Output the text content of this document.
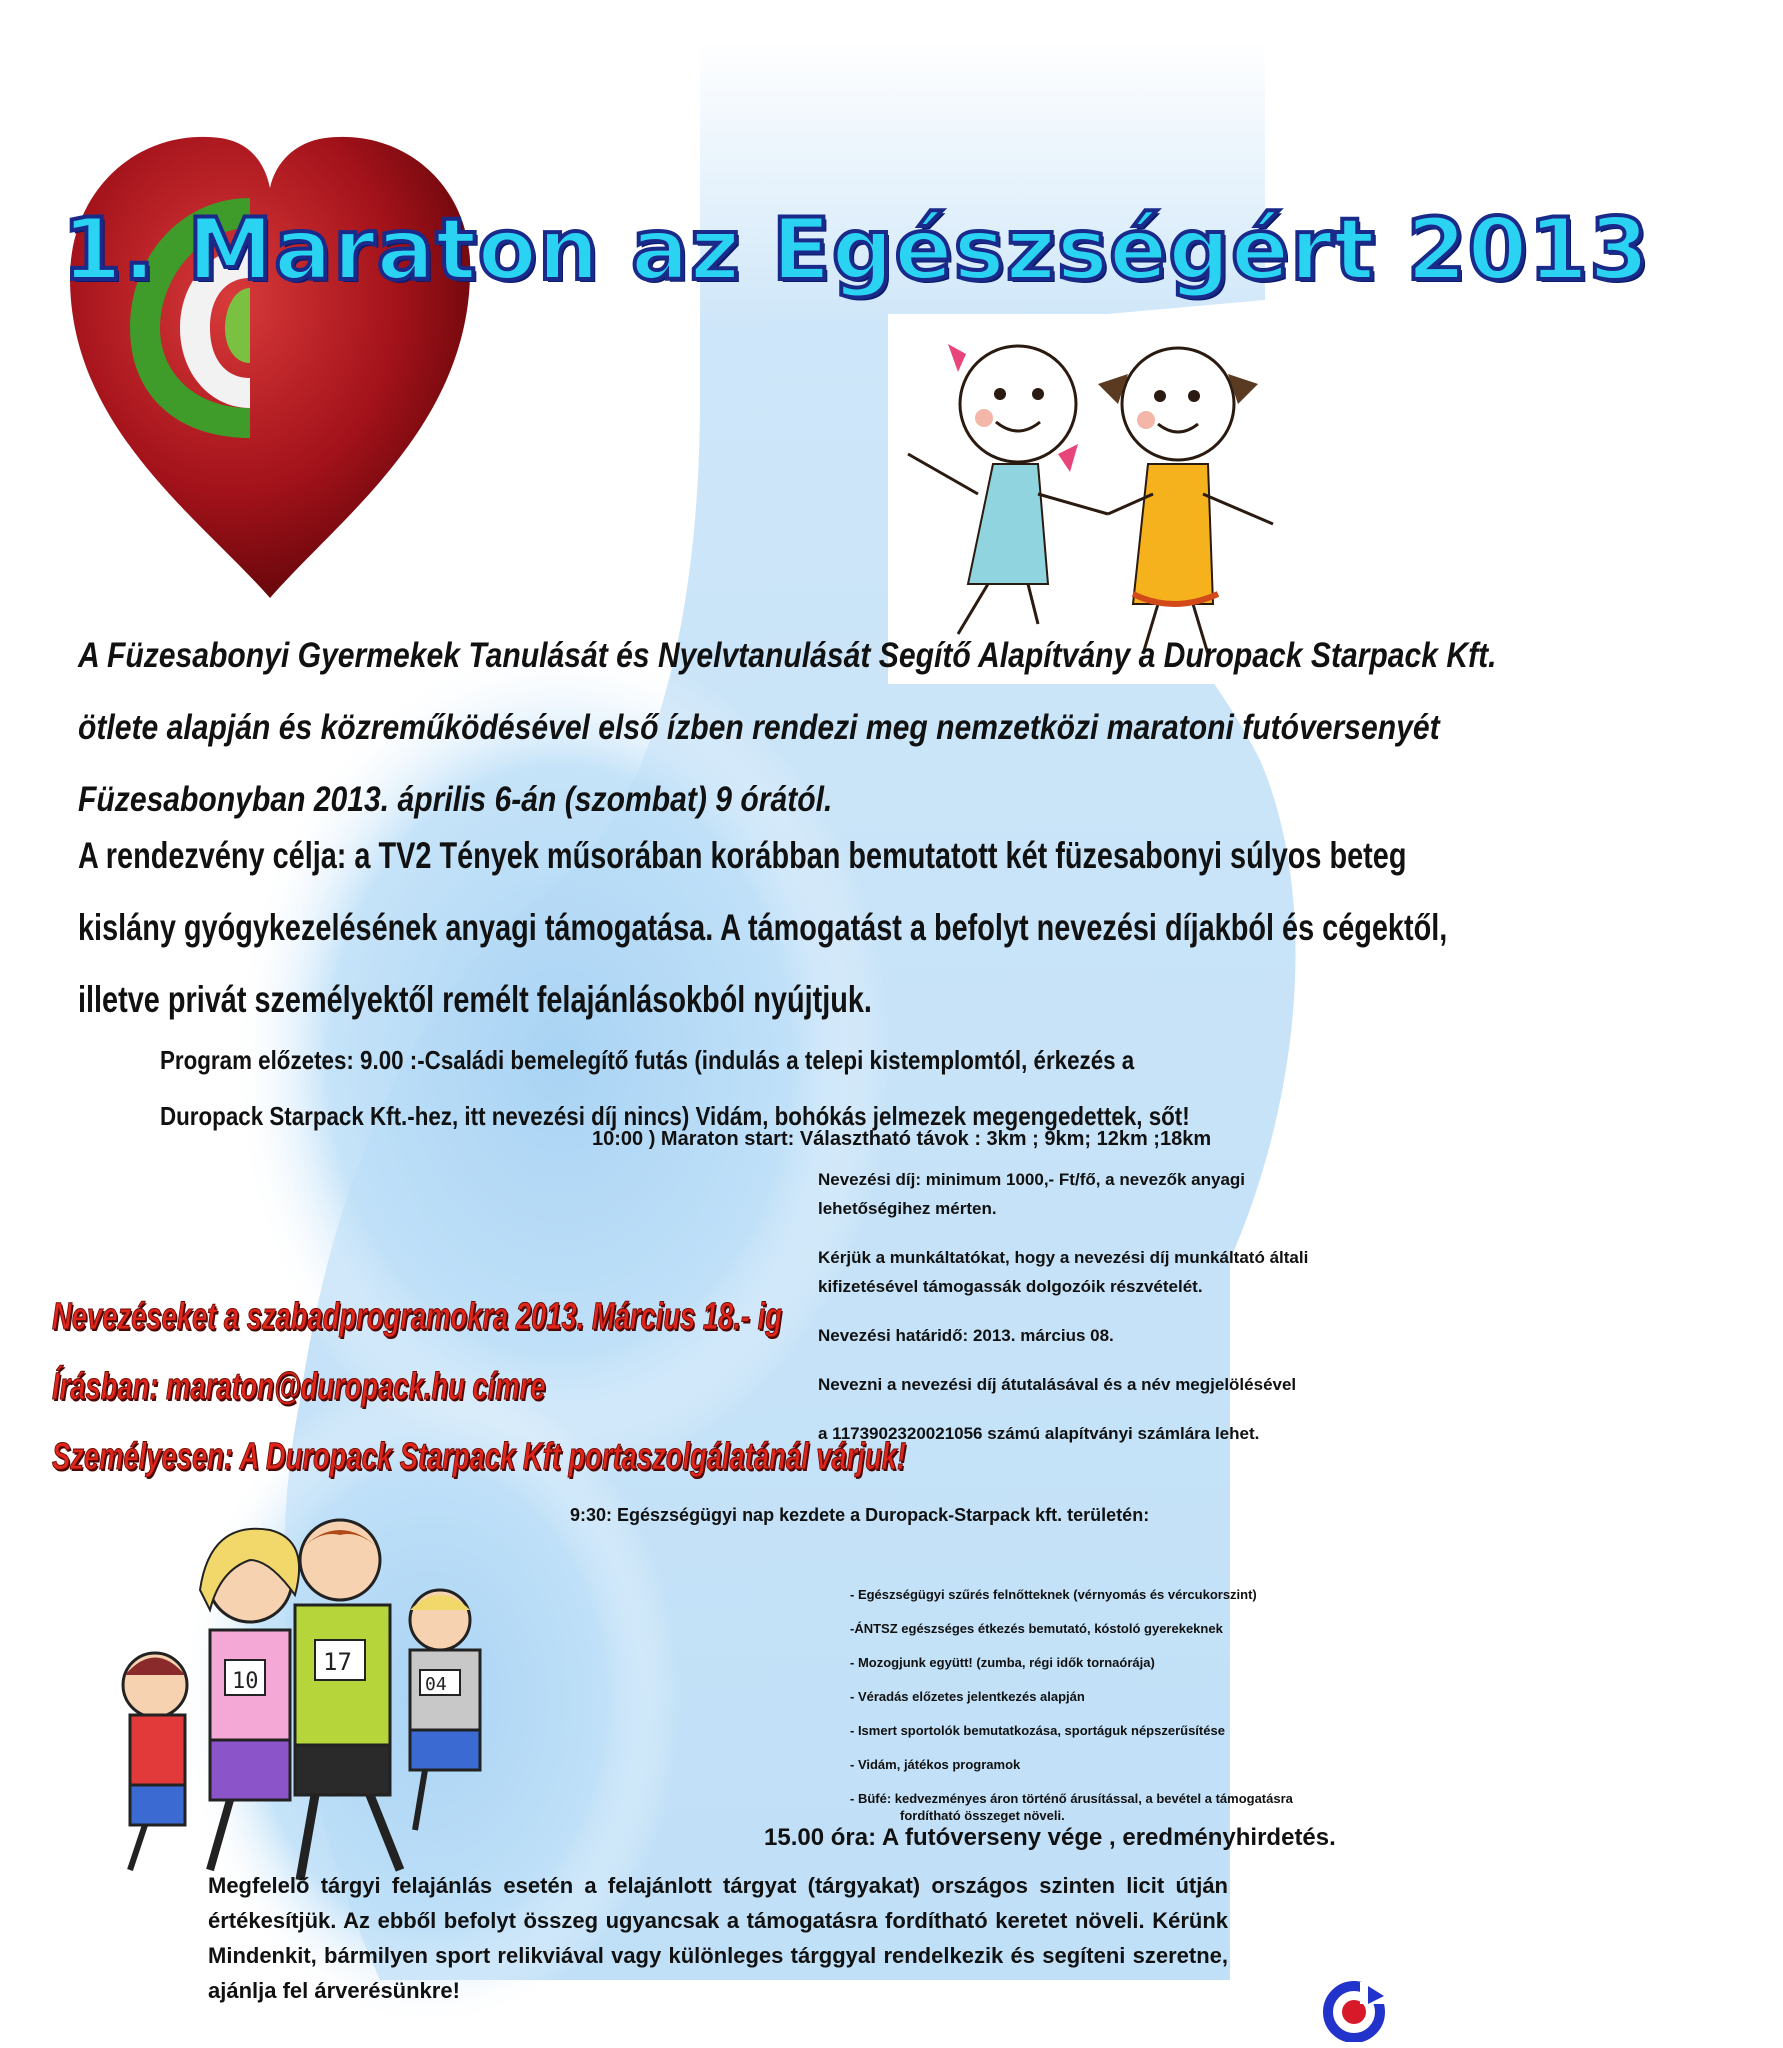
1. Maraton az Egészségért 2013
A Füzesabonyi Gyermekek Tanulását és Nyelvtanulását Segítő Alapítvány a Duropack Starpack Kft.
ötlete alapján és közreműködésével első ízben rendezi meg nemzetközi maratoni futóversenyét
Füzesabonyban 2013. április 6-án (szombat) 9 órától.
A rendezvény célja: a TV2 Tények műsorában korábban bemutatott két füzesabonyi súlyos beteg
kislány gyógykezelésének anyagi támogatása. A támogatást a befolyt nevezési díjakból és cégektől,
illetve privát személyektől remélt felajánlásokból nyújtjuk.
Program előzetes: 9.00 :-Családi bemelegítő futás (indulás a telepi kistemplomtól, érkezés a
Duropack Starpack Kft.-hez, itt nevezési díj nincs) Vidám, bohókás jelmezek megengedettek, sőt!
10:00 ) Maraton start: Választható távok : 3km ; 9km; 12km ;18km

Nevezési díj: minimum 1000,- Ft/fő, a nevezők anyagi lehetőségihez mérten.

Kérjük a munkáltatókat, hogy a nevezési díj munkáltató általi kifizetésével támogassák dolgozóik részvételét.

Nevezési határidő: 2013. március 08.

Nevezni a nevezési díj átutalásával és a név megjelölésével

a 1173902320021056 számú alapítványi számlára lehet.

Nevezéseket a szabadprogramokra 2013. Március 18.- ig
Írásban: maraton@duropack.hu címre
Személyesen: A Duropack Starpack Kft portaszolgálatánál várjuk!
9:30: Egészségügyi nap kezdete a Duropack-Starpack kft. területén:
10
17
04
- Egészségügyi szűrés felnőtteknek (vérnyomás és vércukorszint)
-ÁNTSZ egészséges étkezés bemutató, kóstoló gyerekeknek
- Mozogjunk együtt! (zumba, régi idők tornaórája)
- Véradás előzetes jelentkezés alapján
- Ismert sportolók bemutatkozása, sportáguk népszerűsítése
- Vidám, játékos programok
- Büfé: kedvezményes áron történő árusítással, a bevétel a támogatásra
fordítható összeget növeli.
15.00 óra: A futóverseny vége , eredményhirdetés.
Megfelelő tárgyi felajánlás esetén a felajánlott tárgyat (tárgyakat) országos szinten licit útján értékesítjük. Az ebből befolyt összeg ugyancsak a támogatásra fordítható keretet növeli. Kérünk Mindenkit, bármilyen sport relikviával vagy különleges tárggyal rendelkezik és segíteni szeretne, ajánlja fel árverésünkre!
